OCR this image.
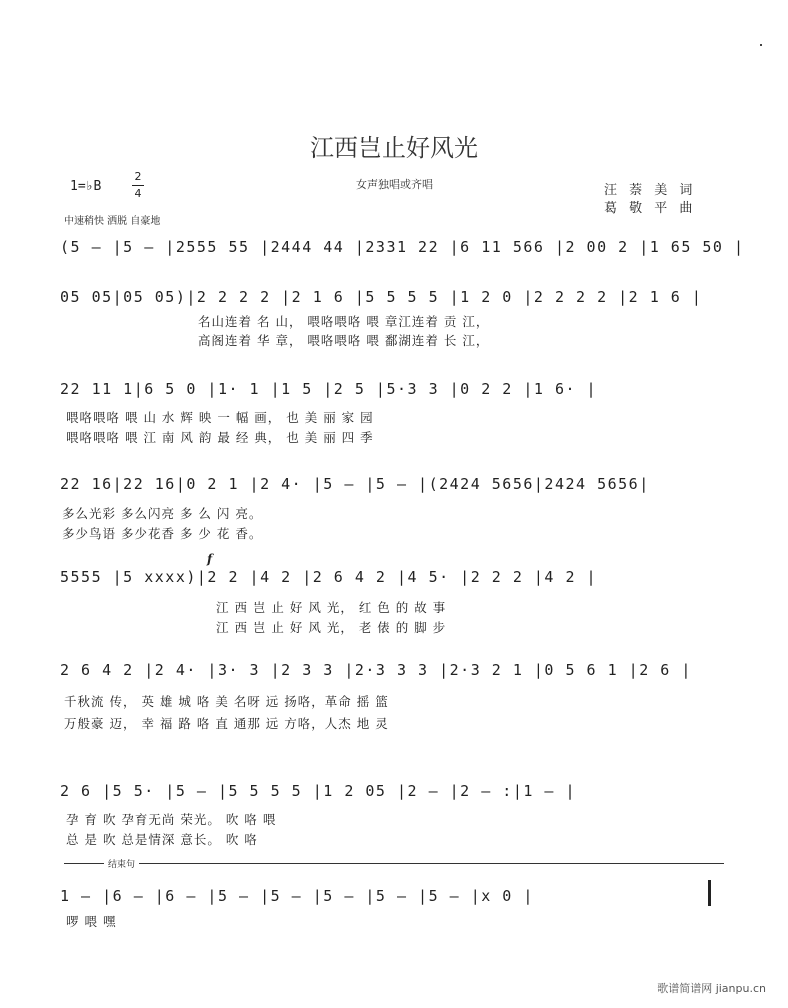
江西岂止好风光
女声独唱或齐唱	汪 萘 美 词
葛 敬 平 曲
1=♭B
2
4
中速稍快 洒脱 自豪地
(5 — |5 — |2555 55 |2444 44 |2331 22 |6 11 566 |2 00 2 |1 65 50 |
05 05|05 05)|2 2 2 2 |2 1 6 |5 5 5 5 |1 2 0 |2 2 2 2 |2 1 6 |
名山连着 名 山， 喂咯喂咯 喂 章江连着 贡 江，
高阁连着 华 章， 喂咯喂咯 喂 鄱湖连着 长 江，
22 11 1|6 5 0 |1· 1 |1 5 |2 5 |5·3 3 |0 2 2 |1 6· |
喂咯喂咯 喂 山 水 辉 映 一 幅 画， 也 美 丽 家 园
喂咯喂咯 喂 江 南 风 韵 最 经 典， 也 美 丽 四 季
22 16|22 16|0 2 1 |2 4· |5 — |5 — |(2424 5656|2424 5656|
多么光彩 多么闪亮 多 么 闪 亮。
多少鸟语 多少花香 多 少 花 香。
f
5555 |5 xxxx)|2 2 |4 2 |2 6 4 2 |4 5· |2 2 2 |4 2 |
江 西 岂 止 好 风 光， 红 色 的 故 事
江 西 岂 止 好 风 光， 老 俵 的 脚 步
2 6 4 2 |2 4· |3· 3 |2 3 3 |2·3 3 3 |2·3 2 1 |0 5 6 1 |2 6 |
千秋流 传， 英 雄 城 咯 美 名呀 远 扬咯，革命 摇 篮
万般豪 迈， 幸 福 路 咯 直 通那 远 方咯，人杰 地 灵
2 6 |5 5· |5 — |5 5 5 5 |1 2 05 |2 — |2 — :|1 — |
孕 育 吹 孕育无尚 荣光。 吹 咯 喂
总 是 吹 总是情深 意长。 吹 咯
结束句
1 — |6 — |6 — |5 — |5 — |5 — |5 — |5 — |x 0 |
啰 喂 嘿
歌谱简谱网 jianpu.cn
